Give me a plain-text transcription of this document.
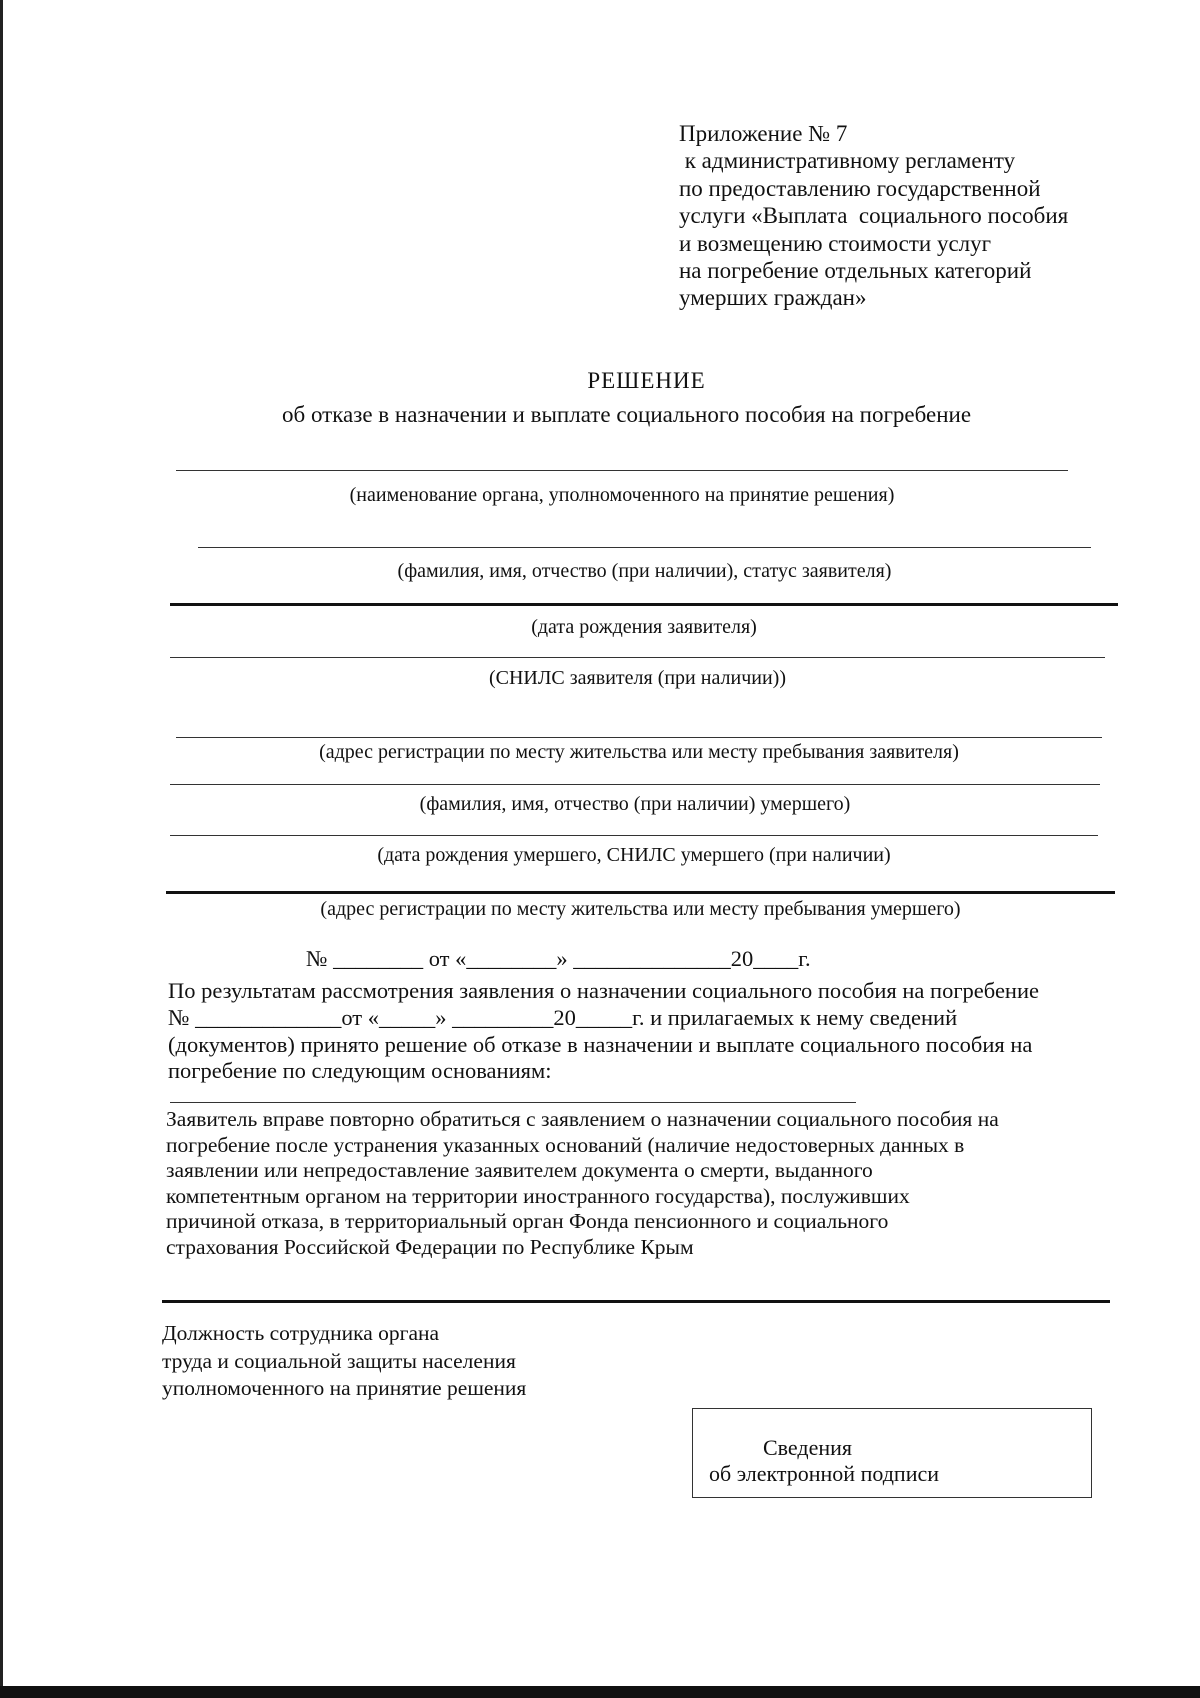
Приложение № 7
к административному регламенту
по предоставлению государственной
услуги «Выплата  социального пособия
и возмещению стоимости услуг
на погребение отдельных категорий
умерших граждан»
РЕШЕНИЕ
об отказе в назначении и выплате социального пособия на погребение
(наименование органа, уполномоченного на принятие решения)
(фамилия, имя, отчество (при наличии), статус заявителя)
(дата рождения заявителя)
(СНИЛС заявителя (при наличии))
(адрес регистрации по месту жительства или месту пребывания заявителя)
(фамилия, имя, отчество (при наличии) умершего)
(дата рождения умершего, СНИЛС умершего (при наличии)
(адрес регистрации по месту жительства или месту пребывания умершего)
№ ________ от «________» ______________20____г.
По результатам рассмотрения заявления о назначении социального пособия на погребение
№ _____________от «_____» _________20_____г. и прилагаемых к нему сведений
(документов) принято решение об отказе в назначении и выплате социального пособия на
погребение по следующим основаниям:
Заявитель вправе повторно обратиться с заявлением о назначении социального пособия на
погребение после устранения указанных оснований (наличие недостоверных данных в
заявлении или непредоставление заявителем документа о смерти, выданного
компетентным органом на территории иностранного государства), послуживших
причиной отказа, в территориальный орган Фонда пенсионного и социального
страхования Российской Федерации по Республике Крым
Должность сотрудника органа
труда и социальной защиты населения
уполномоченного на принятие решения
Сведения
об электронной подписи
